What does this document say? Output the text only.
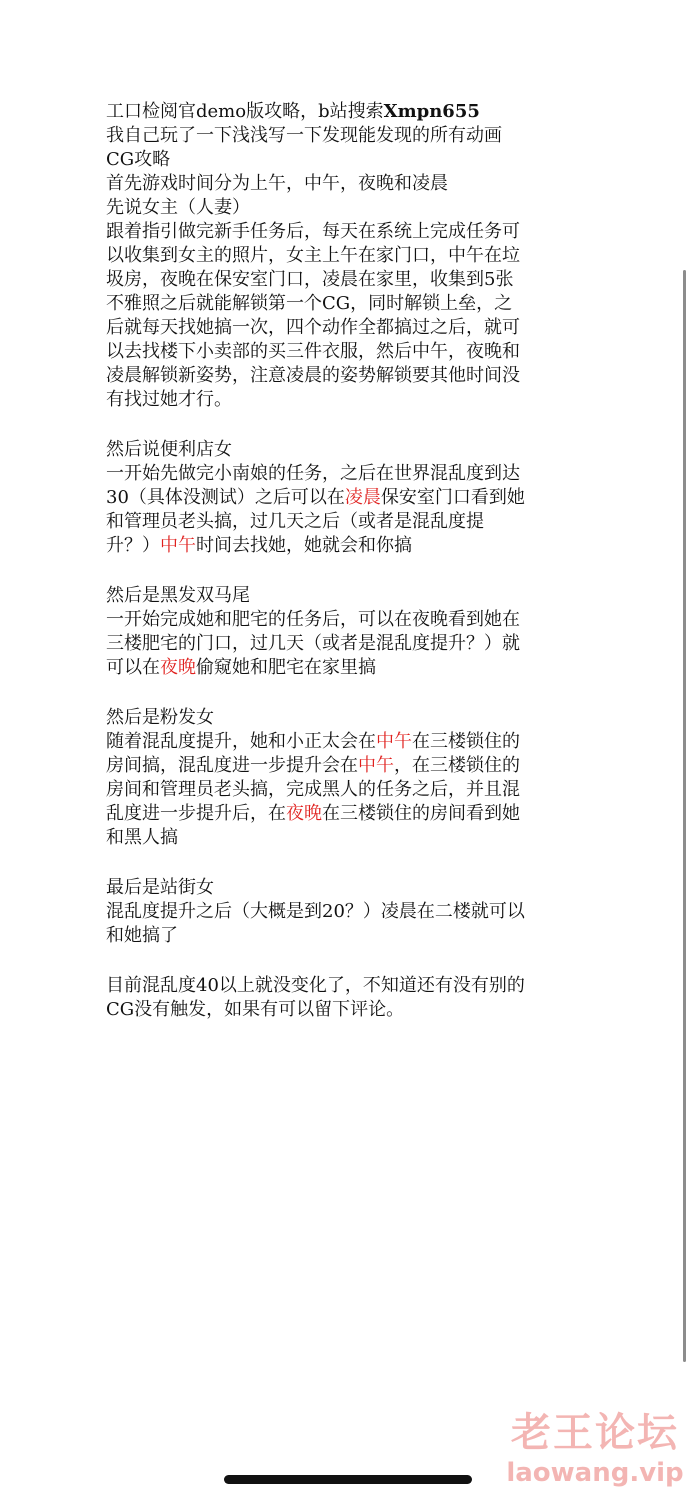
工口检阅官demo版攻略，b站搜索Xmpn655
我自己玩了一下浅浅写一下发现能发现的所有动画
CG攻略
首先游戏时间分为上午，中午，夜晚和凌晨
先说女主（人妻）
跟着指引做完新手任务后，每天在系统上完成任务可
以收集到女主的照片，女主上午在家门口，中午在垃
圾房，夜晚在保安室门口，凌晨在家里，收集到5张
不雅照之后就能解锁第一个CG，同时解锁上垒，之
后就每天找她搞一次，四个动作全都搞过之后，就可
以去找楼下小卖部的买三件衣服，然后中午，夜晚和
凌晨解锁新姿势，注意凌晨的姿势解锁要其他时间没
有找过她才行。
然后说便利店女
一开始先做完小南娘的任务，之后在世界混乱度到达
30（具体没测试）之后可以在凌晨保安室门口看到她
和管理员老头搞，过几天之后（或者是混乱度提
升？）中午时间去找她，她就会和你搞
然后是黑发双马尾
一开始完成她和肥宅的任务后，可以在夜晚看到她在
三楼肥宅的门口，过几天（或者是混乱度提升？）就
可以在夜晚偷窥她和肥宅在家里搞
然后是粉发女
随着混乱度提升，她和小正太会在中午在三楼锁住的
房间搞，混乱度进一步提升会在中午，在三楼锁住的
房间和管理员老头搞，完成黑人的任务之后，并且混
乱度进一步提升后，在夜晚在三楼锁住的房间看到她
和黑人搞
最后是站街女
混乱度提升之后（大概是到20？）凌晨在二楼就可以
和她搞了
目前混乱度40以上就没变化了，不知道还有没有别的
CG没有触发，如果有可以留下评论。
老王论坛
laowang.vip
